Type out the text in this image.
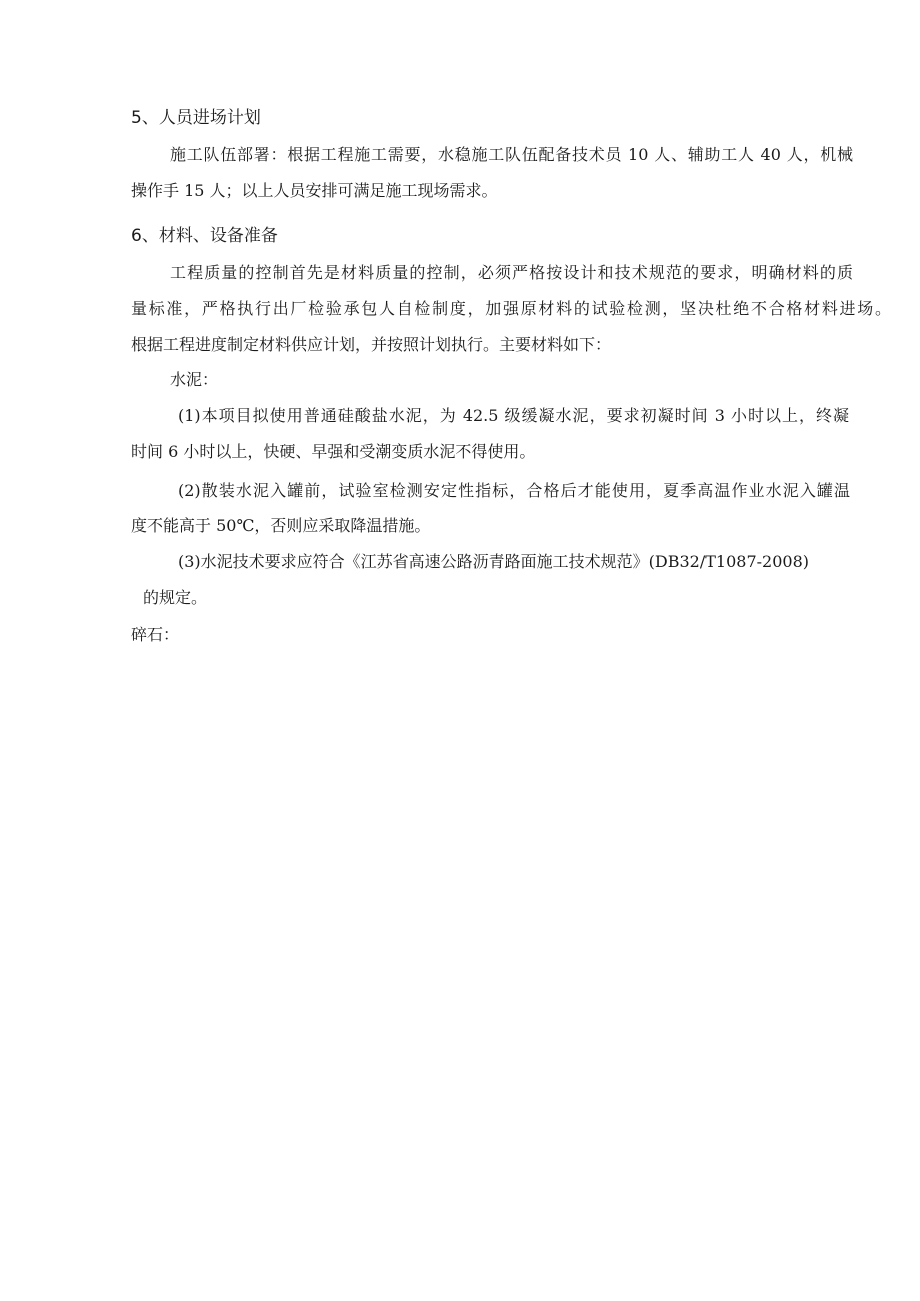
5、人员进场计划
施工队伍部署：根据工程施工需要，水稳施工队伍配备技术员 10 人、辅助工人 40 人，机械
操作手 15 人；以上人员安排可满足施工现场需求。
6、材料、设备准备
工程质量的控制首先是材料质量的控制，必须严格按设计和技术规范的要求，明确材料的质
量标准，严格执行出厂检验承包人自检制度，加强原材料的试验检测，坚决杜绝不合格材料进场。
根据工程进度制定材料供应计划，并按照计划执行。主要材料如下：
水泥：
(1)本项目拟使用普通硅酸盐水泥，为 42.5 级缓凝水泥，要求初凝时间 3 小时以上，终凝
时间 6 小时以上，快硬、早强和受潮变质水泥不得使用。
(2)散装水泥入罐前，试验室检测安定性指标，合格后才能使用，夏季高温作业水泥入罐温
度不能高于 50℃，否则应采取降温措施。
(3)水泥技术要求应符合《江苏省高速公路沥青路面施工技术规范》(DB32/T1087-2008)
的规定。
碎石：
